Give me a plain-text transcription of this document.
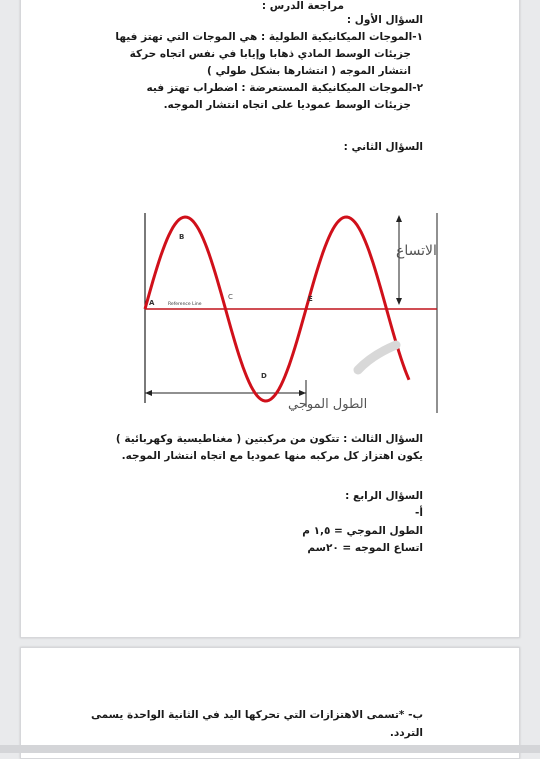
مراجعة الدرس :
السؤال الأول :
١-الموجات الميكانيكية الطولية : هي الموجات التي تهتز فيها
جزيئات الوسط المادي ذهابا وإيابا في نفس اتجاه حركة
انتشار الموجه ( انتشارها بشكل طولي )
٢-الموجات الميكانيكية المستعرضة : اضطراب تهتز فيه
جزيئات الوسط عموديا على اتجاه انتشار الموجه.
السؤال الثاني :
السؤال الثالث : تتكون من مركبتين ( مغناطيسية وكهربائية )
يكون اهتزاز كل مركبه منها عموديا مع اتجاه انتشار الموجه.
السؤال الرابع :
أ-
الطول الموجي = ١,٥ م
اتساع الموجه = ٢٠سم
A
B
C
D
E
Reference Line
الاتساع
الطول الموجي
ب- *تسمى الاهتزازات التي تحركها اليد في الثانية الواحدة يسمى
التردد.
